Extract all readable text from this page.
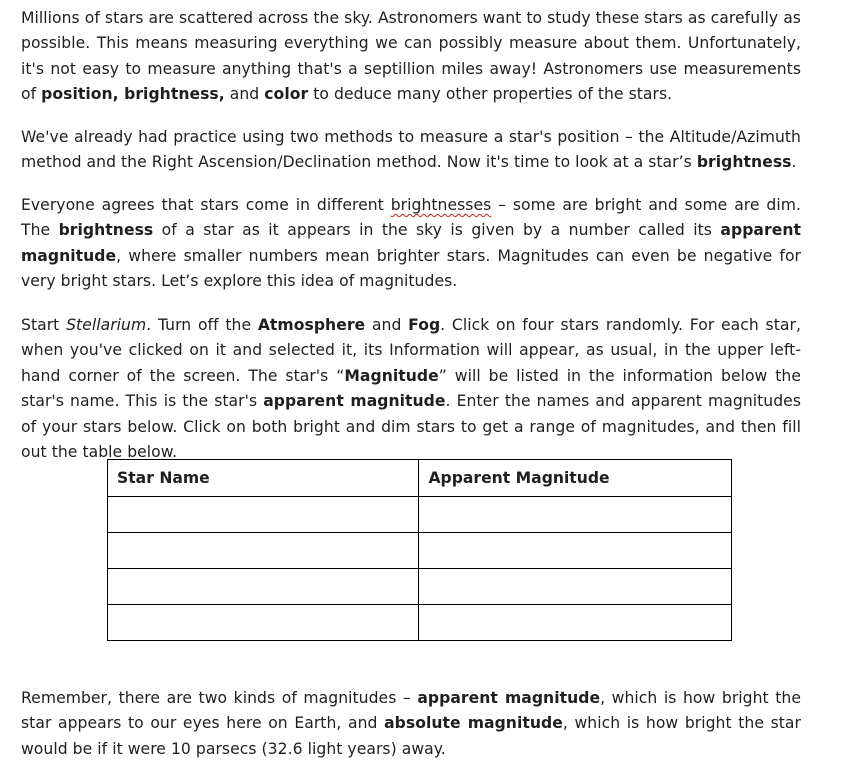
Millions of stars are scattered across the sky. Astronomers want to study these stars as carefully as possible. This means measuring everything we can possibly measure about them. Unfortunately, it's not easy to measure anything that's a septillion miles away! Astronomers use measurements of position, brightness, and color to deduce many other properties of the stars.

We've already had practice using two methods to measure a star's position – the Altitude/Azimuth method and the Right Ascension/Declination method. Now it's time to look at a star’s brightness.

Everyone agrees that stars come in different brightnesses – some are bright and some are dim. The brightness of a star as it appears in the sky is given by a number called its apparent magnitude, where smaller numbers mean brighter stars. Magnitudes can even be negative for very bright stars. Let’s explore this idea of magnitudes.

Start Stellarium. Turn off the Atmosphere and Fog. Click on four stars randomly. For each star, when you've clicked on it and selected it, its Information will appear, as usual, in the upper left-hand corner of the screen. The star's “Magnitude” will be listed in the information below the star's name. This is the star's apparent magnitude. Enter the names and apparent magnitudes of your stars below. Click on both bright and dim stars to get a range of magnitudes, and then fill out the table below.

Star Name	Apparent Magnitude

Remember, there are two kinds of magnitudes – apparent magnitude, which is how bright the star appears to our eyes here on Earth, and absolute magnitude, which is how bright the star would be if it were 10 parsecs (32.6 light years) away.
